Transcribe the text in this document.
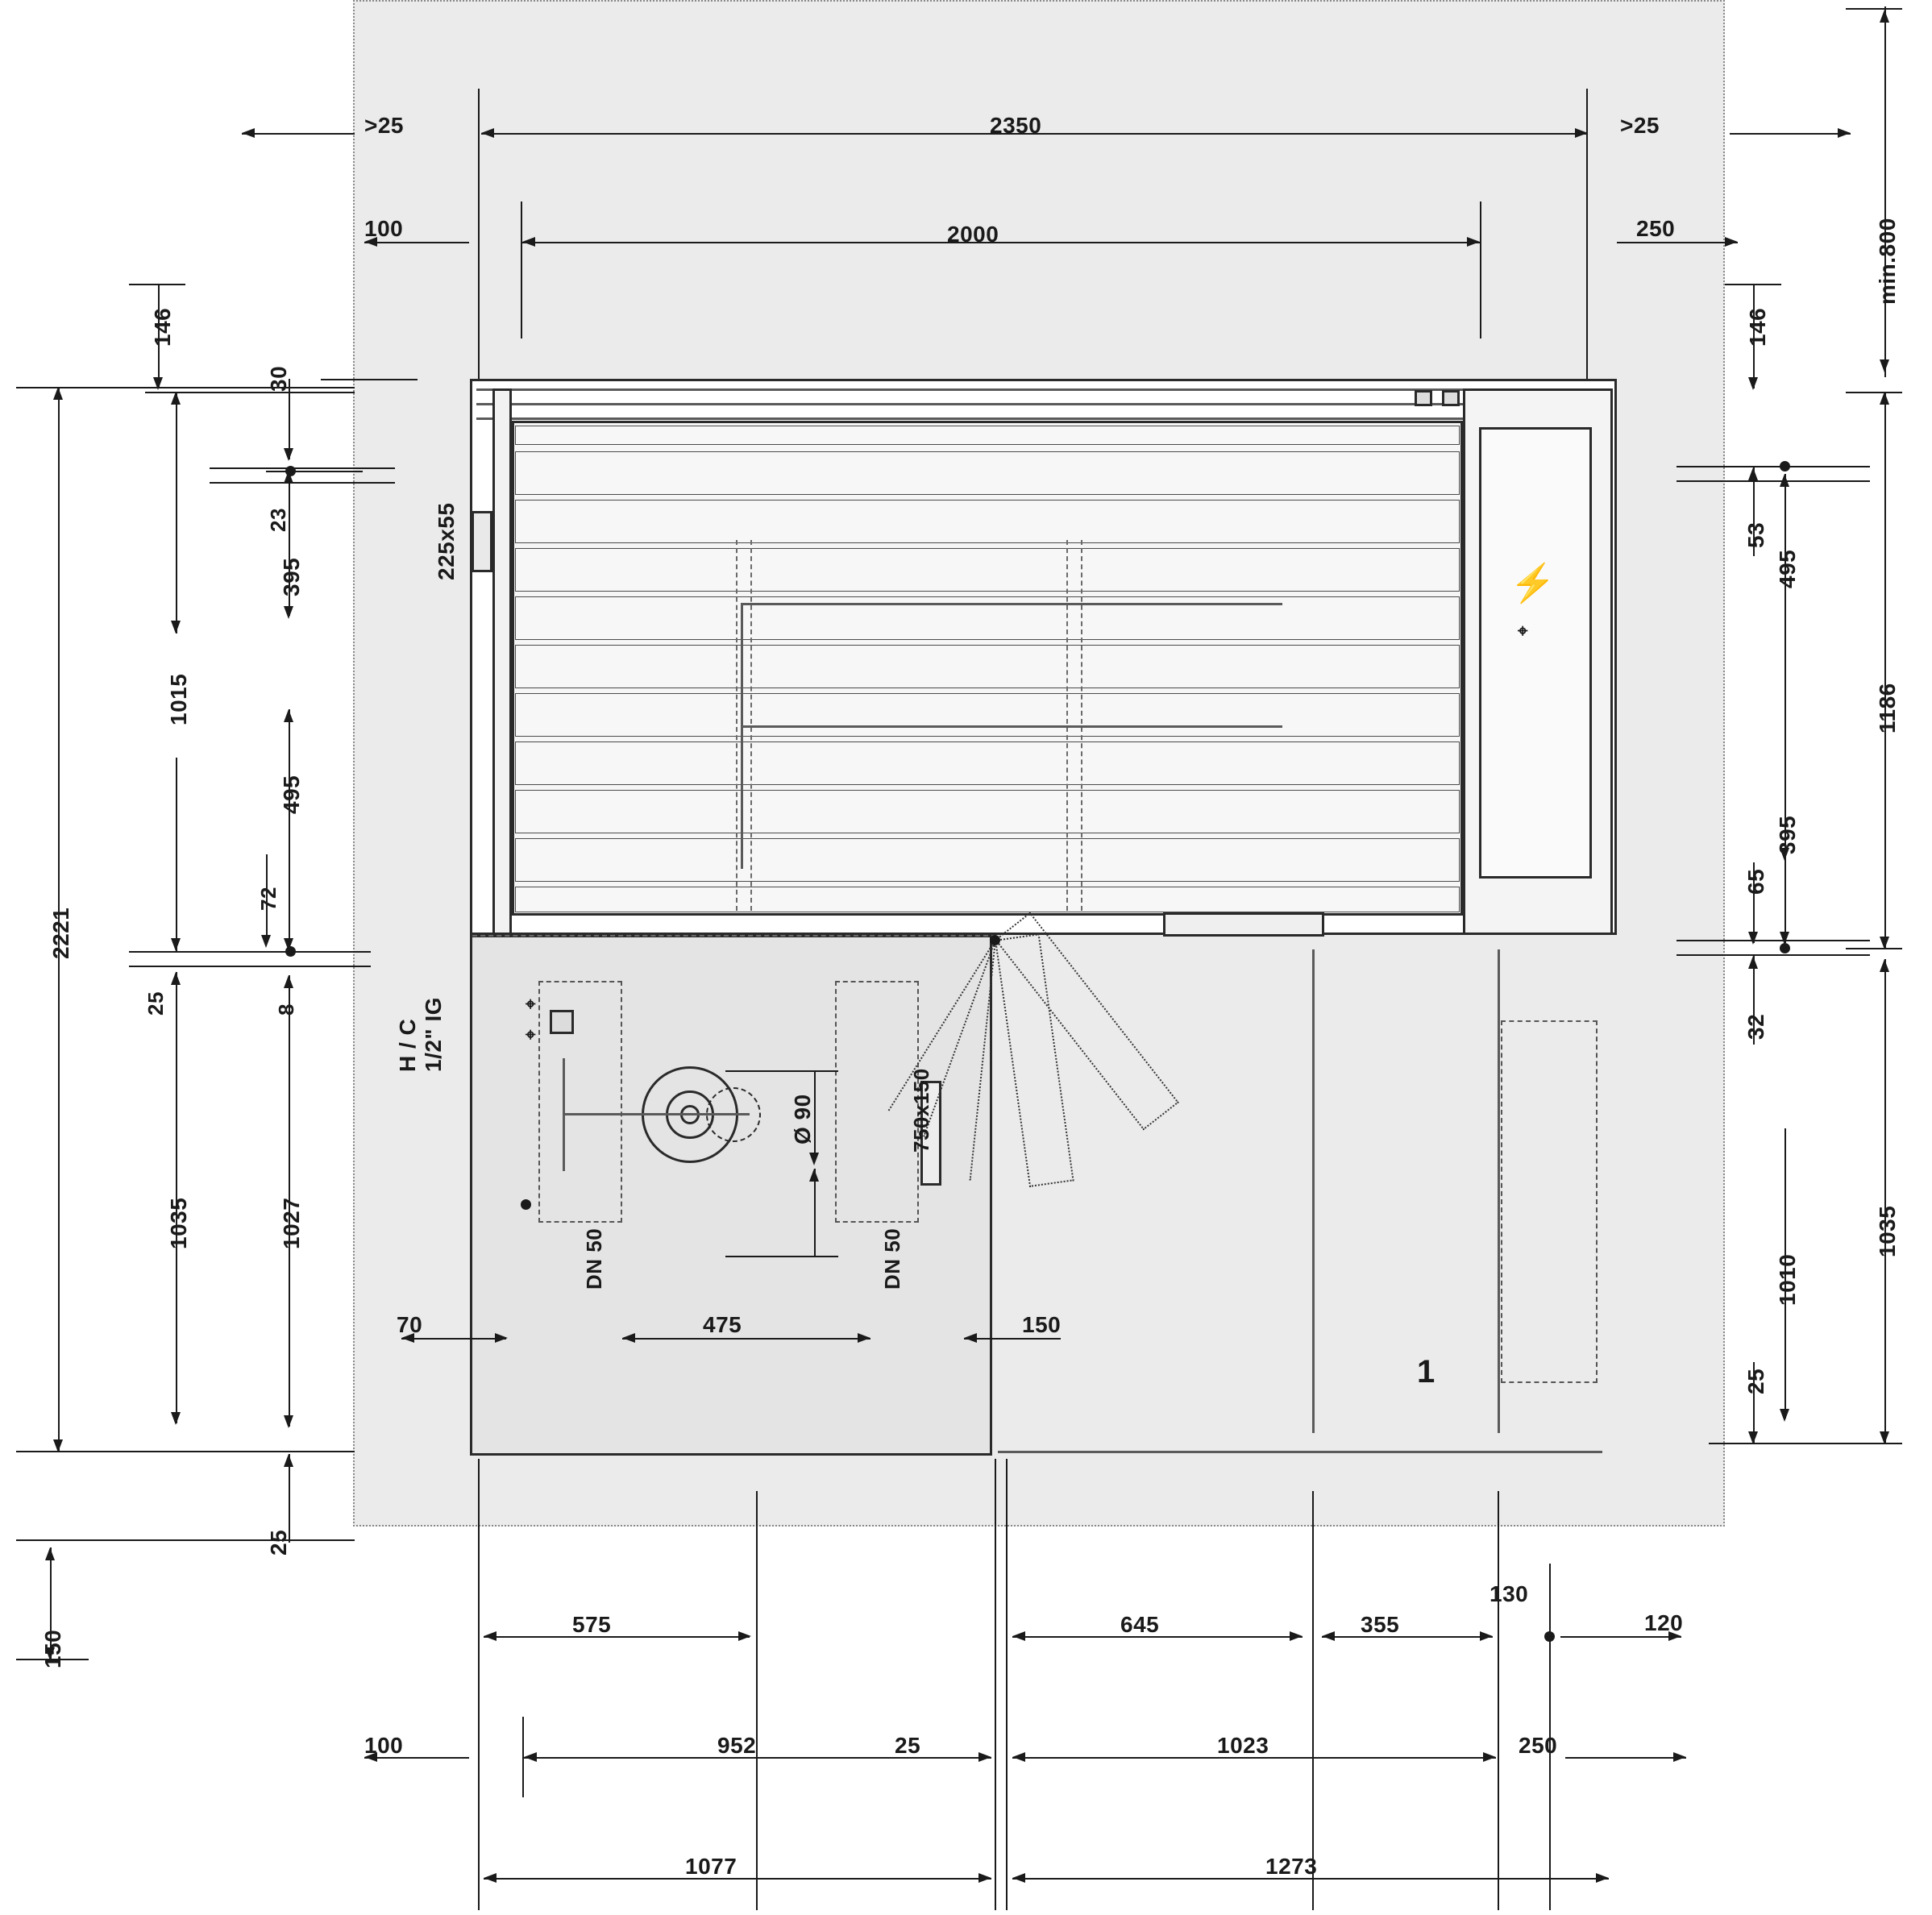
min.800
2350
>25	>25
2000
100	250
146	146
⚡
⌖
⌖
⌖
1
2221
1015
395
30
23
495
72
25	8
1035	1027
25
150
225x55
H / C 1/2" IG
1186
495
53
395
65
32
1010
1035
25
DN 50	DN 50
750x150
Ø 90
70	475	150
575	645	355
130
120
952
100	25	1023	250
1077	1273
